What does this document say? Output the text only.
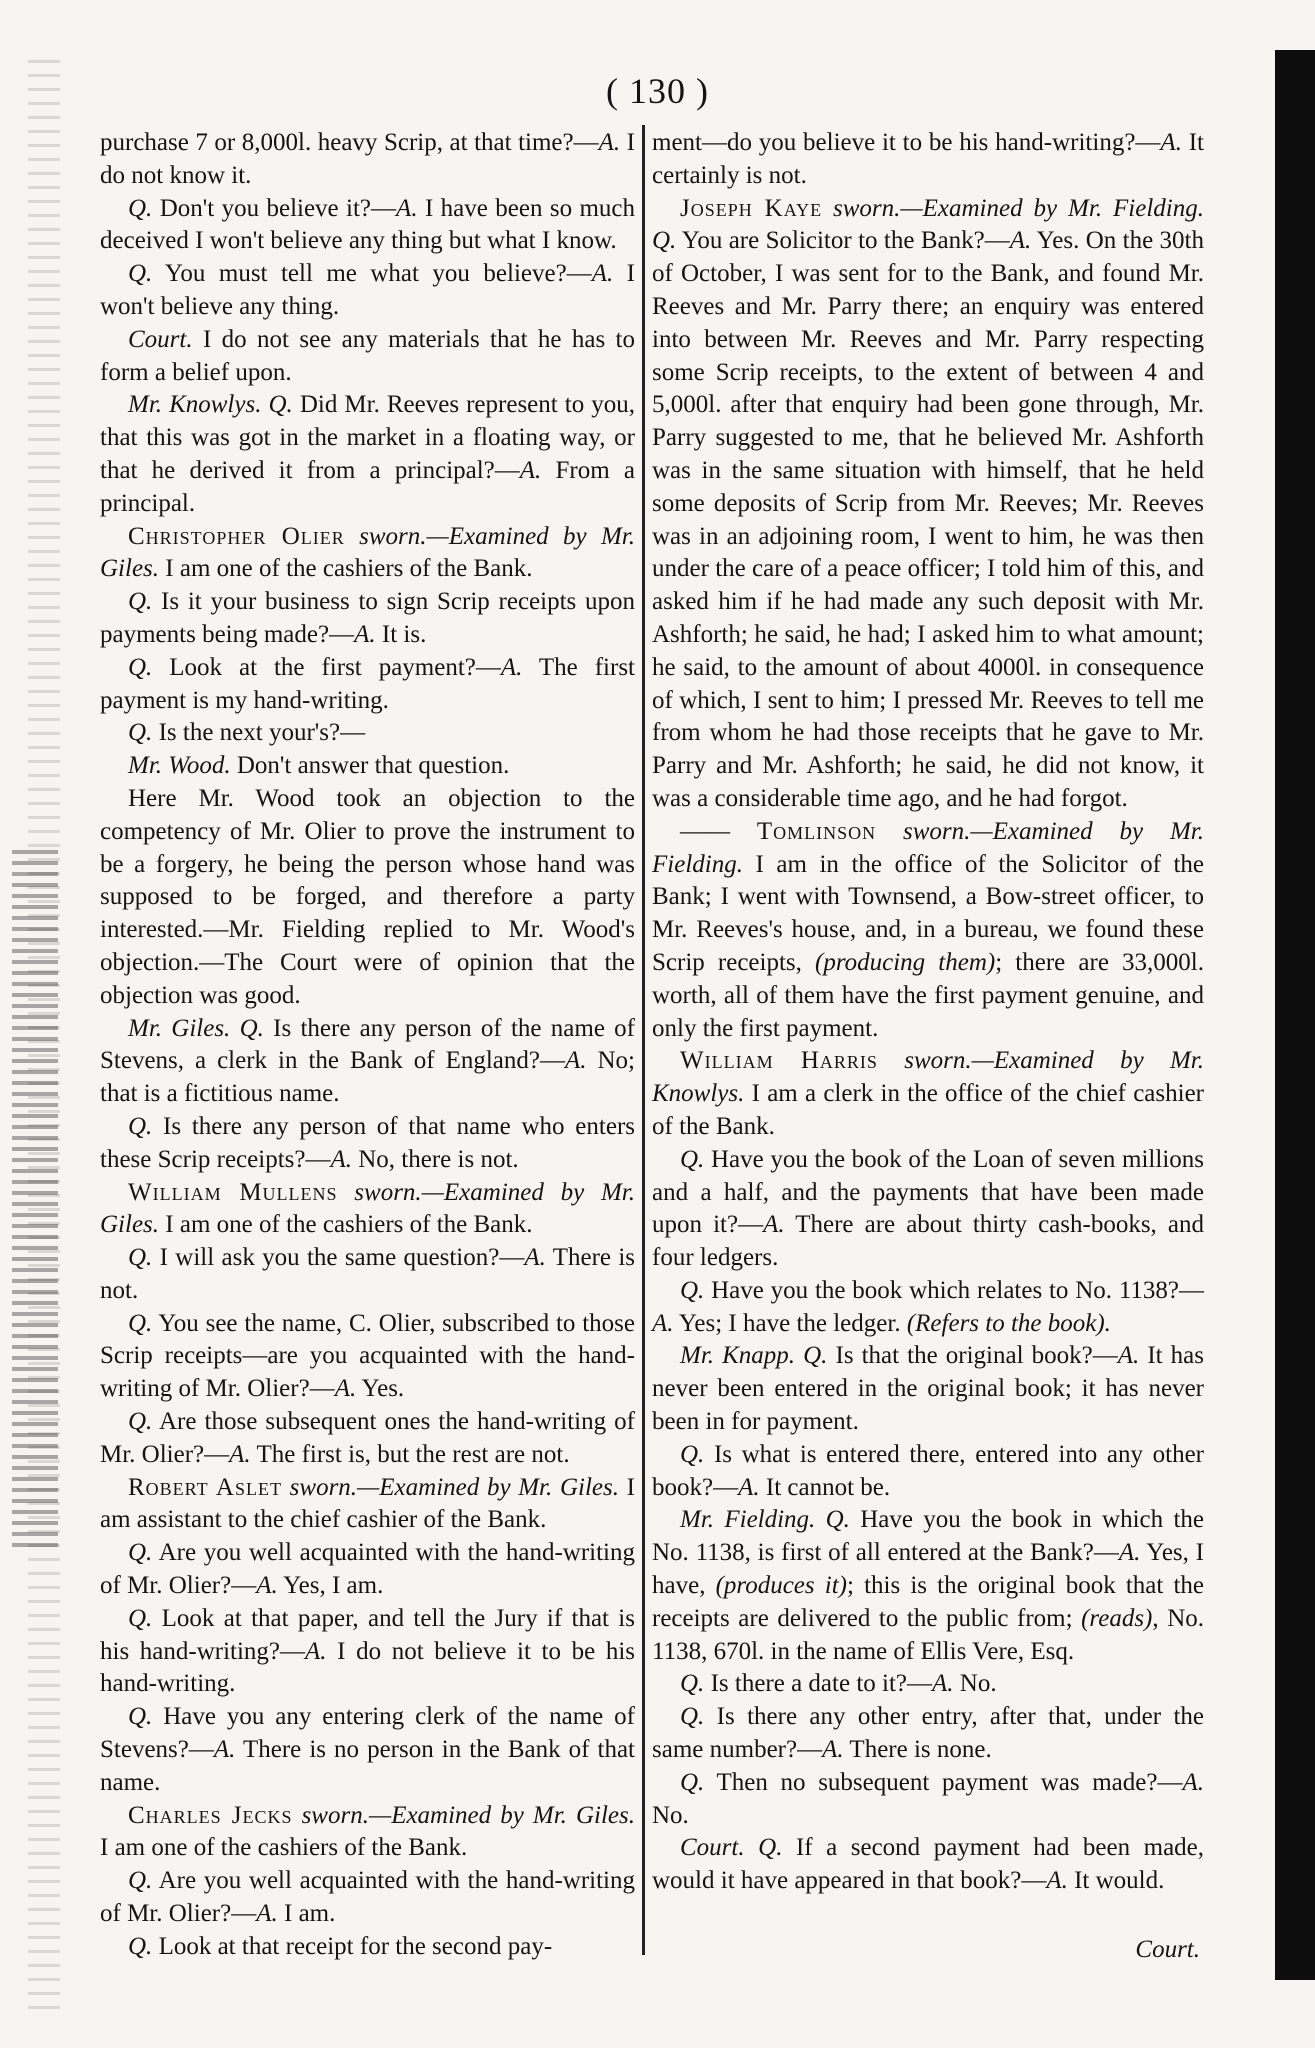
( 130 )

purchase 7 or 8,000l. heavy Scrip, at that time?—A. I do not know it.

Q. Don't you believe it?—A. I have been so much deceived I won't believe any thing but what I know.

Q. You must tell me what you believe?—A. I won't believe any thing.

Court. I do not see any materials that he has to form a belief upon.

Mr. Knowlys. Q. Did Mr. Reeves represent to you, that this was got in the market in a floating way, or that he derived it from a principal?—A. From a principal.

Christopher Olier sworn.—Examined by Mr. Giles. I am one of the cashiers of the Bank.

Q. Is it your business to sign Scrip receipts upon payments being made?—A. It is.

Q. Look at the first payment?—A. The first payment is my hand-writing.

Q. Is the next your's?—

Mr. Wood. Don't answer that question.

Here Mr. Wood took an objection to the competency of Mr. Olier to prove the instrument to be a forgery, he being the person whose hand was supposed to be forged, and therefore a party interested.—Mr. Fielding replied to Mr. Wood's objection.—The Court were of opinion that the objection was good.

Mr. Giles. Q. Is there any person of the name of Stevens, a clerk in the Bank of England?—A. No; that is a fictitious name.

Q. Is there any person of that name who enters these Scrip receipts?—A. No, there is not.

William Mullens sworn.—Examined by Mr. Giles. I am one of the cashiers of the Bank.

Q. I will ask you the same question?—A. There is not.

Q. You see the name, C. Olier, subscribed to those Scrip receipts—are you acquainted with the hand-writing of Mr. Olier?—A. Yes.

Q. Are those subsequent ones the hand-writing of Mr. Olier?—A. The first is, but the rest are not.

Robert Aslet sworn.—Examined by Mr. Giles. I am assistant to the chief cashier of the Bank.

Q. Are you well acquainted with the hand-writing of Mr. Olier?—A. Yes, I am.

Q. Look at that paper, and tell the Jury if that is his hand-writing?—A. I do not believe it to be his hand-writing.

Q. Have you any entering clerk of the name of Stevens?—A. There is no person in the Bank of that name.

Charles Jecks sworn.—Examined by Mr. Giles. I am one of the cashiers of the Bank.

Q. Are you well acquainted with the hand-writing of Mr. Olier?—A. I am.

Q. Look at that receipt for the second pay-

ment—do you believe it to be his hand-writing?—A. It certainly is not.

Joseph Kaye sworn.—Examined by Mr. Fielding. Q. You are Solicitor to the Bank?—A. Yes. On the 30th of October, I was sent for to the Bank, and found Mr. Reeves and Mr. Parry there; an enquiry was entered into between Mr. Reeves and Mr. Parry respecting some Scrip receipts, to the extent of between 4 and 5,000l. after that enquiry had been gone through, Mr. Parry suggested to me, that he believed Mr. Ashforth was in the same situation with himself, that he held some deposits of Scrip from Mr. Reeves; Mr. Reeves was in an adjoining room, I went to him, he was then under the care of a peace officer; I told him of this, and asked him if he had made any such deposit with Mr. Ashforth; he said, he had; I asked him to what amount; he said, to the amount of about 4000l. in consequence of which, I sent to him; I pressed Mr. Reeves to tell me from whom he had those receipts that he gave to Mr. Parry and Mr. Ashforth; he said, he did not know, it was a considerable time ago, and he had forgot.

—— Tomlinson sworn.—Examined by Mr. Fielding. I am in the office of the Solicitor of the Bank; I went with Townsend, a Bow-street officer, to Mr. Reeves's house, and, in a bureau, we found these Scrip receipts, (producing them); there are 33,000l. worth, all of them have the first payment genuine, and only the first payment.

William Harris sworn.—Examined by Mr. Knowlys. I am a clerk in the office of the chief cashier of the Bank.

Q. Have you the book of the Loan of seven millions and a half, and the payments that have been made upon it?—A. There are about thirty cash-books, and four ledgers.

Q. Have you the book which relates to No. 1138?—A. Yes; I have the ledger. (Refers to the book).

Mr. Knapp. Q. Is that the original book?—A. It has never been entered in the original book; it has never been in for payment.

Q. Is what is entered there, entered into any other book?—A. It cannot be.

Mr. Fielding. Q. Have you the book in which the No. 1138, is first of all entered at the Bank?—A. Yes, I have, (produces it); this is the original book that the receipts are delivered to the public from; (reads), No. 1138, 670l. in the name of Ellis Vere, Esq.

Q. Is there a date to it?—A. No.

Q. Is there any other entry, after that, under the same number?—A. There is none.

Q. Then no subsequent payment was made?—A. No.

Court. Q. If a second payment had been made, would it have appeared in that book?—A. It would.

Court.
